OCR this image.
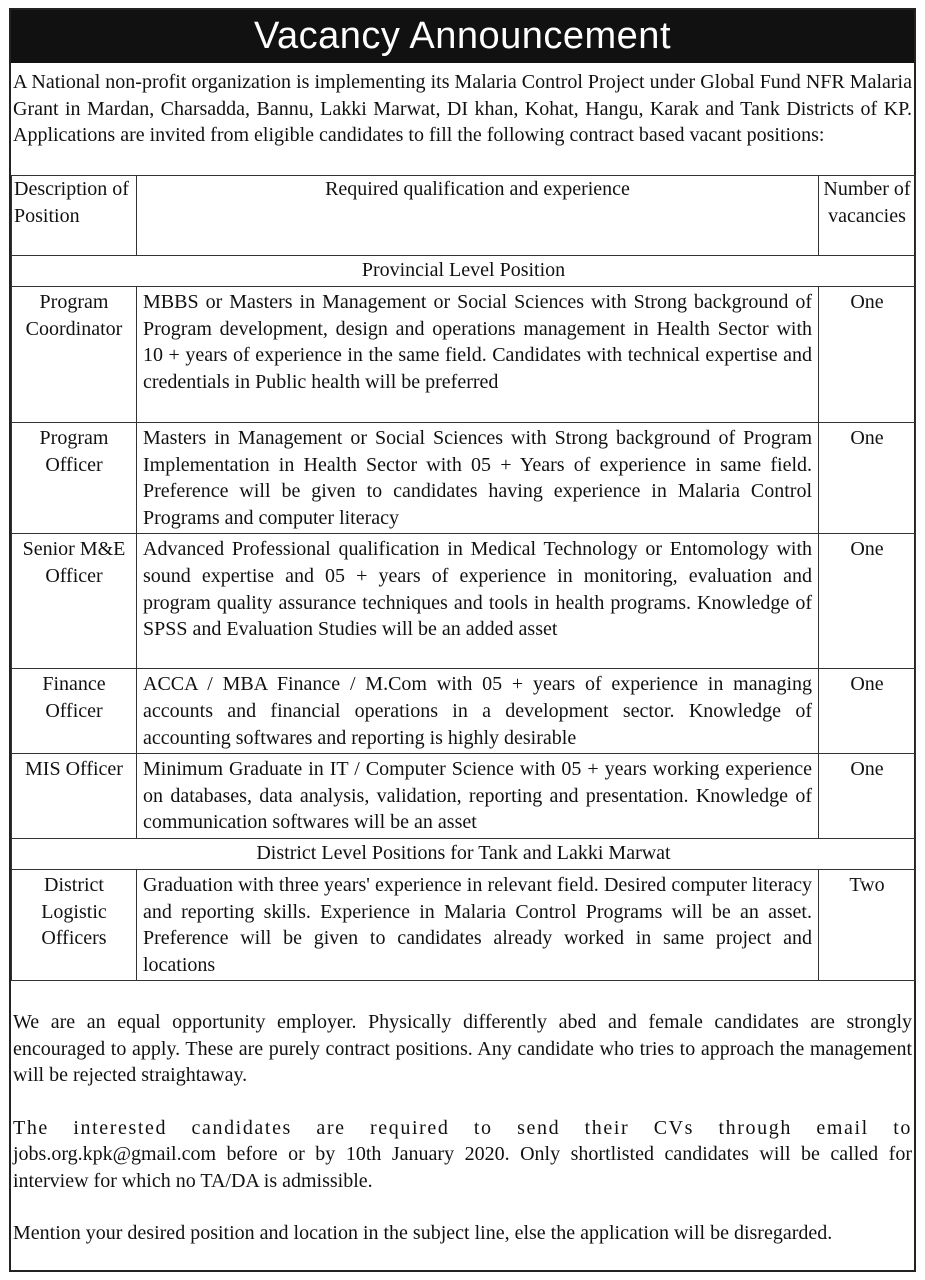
Vacancy Announcement

A National non-profit organization is implementing its Malaria Control Project under Global Fund NFR Malaria Grant in Mardan, Charsadda, Bannu, Lakki Marwat, DI khan, Kohat, Hangu, Karak and Tank Districts of KP. Applications are invited from eligible candidates to fill the following contract based vacant positions:

Description of Position	Required qualification and experience	Number of vacancies
Provincial Level Position		
Program Coordinator	MBBS or Masters in Management or Social Sciences with Strong background of Program development, design and operations management in Health Sector with 10 + years of experience in the same field. Candidates with technical expertise and credentials in Public health will be preferred	One
Program Officer	Masters in Management or Social Sciences with Strong background of Program Implementation in Health Sector with 05 + Years of experience in same field. Preference will be given to candidates having experience in Malaria Control Programs and computer literacy	One
Senior M&E Officer	Advanced Professional qualification in Medical Technology or Entomology with sound expertise and 05 + years of experience in monitoring, evaluation and program quality assurance techniques and tools in health programs. Knowledge of SPSS and Evaluation Studies will be an added asset	One
Finance Officer	ACCA / MBA Finance / M.Com with 05 + years of experience in managing accounts and financial operations in a development sector. Knowledge of accounting softwares and reporting is highly desirable	One
MIS Officer	Minimum Graduate in IT / Computer Science with 05 + years working experience on databases, data analysis, validation, reporting and presentation. Knowledge of communication softwares will be an asset	One
District Level Positions for Tank and Lakki Marwat		
District Logistic Officers	Graduation with three years' experience in relevant field. Desired computer literacy and reporting skills. Experience in Malaria Control Programs will be an asset. Preference will be given to candidates already worked in same project and locations	Two

We are an equal opportunity employer. Physically differently abed and female candidates are strongly encouraged to apply. These are purely contract positions. Any candidate who tries to approach the management will be rejected straightaway.

The interested candidates are required to send their CVs through email to
jobs.org.kpk@gmail.com before or by 10th January 2020. Only shortlisted candidates will be called for interview for which no TA/DA is admissible.

Mention your desired position and location in the subject line, else the application will be disregarded.
